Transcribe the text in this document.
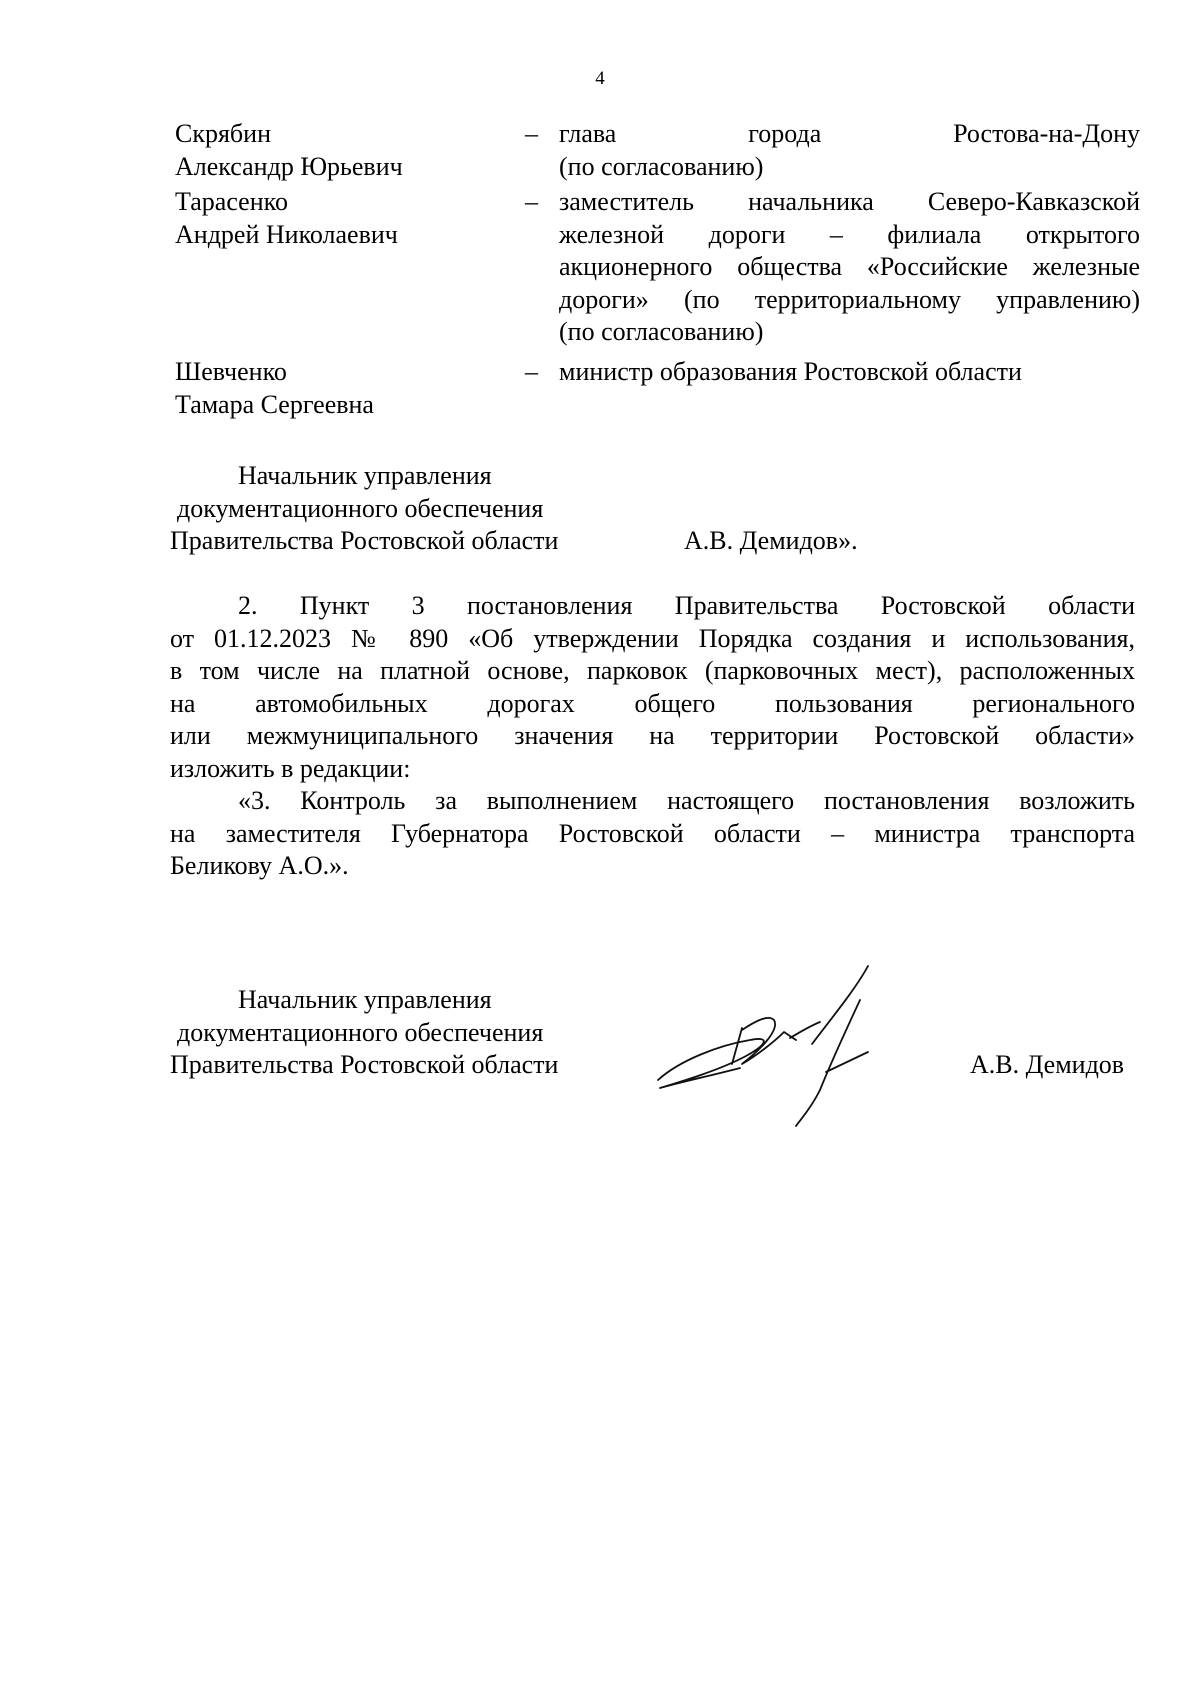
4
Скрябин
Александр Юрьевич
– глава города Ростова-на-Дону
(по согласованию)
Тарасенко
Андрей Николаевич
– заместитель начальника Северо-Кавказской
железной дороги – филиала открытого
акционерного общества «Российские железные
дороги» (по территориальному управлению)
(по согласованию)
Шевченко
Тамара Сергеевна
– министр образования Ростовской области
Начальник управления
документационного обеспечения
Правительства Ростовской области	А.В. Демидов».
2. Пункт 3 постановления Правительства Ростовской области
от 01.12.2023 № 890 «Об утверждении Порядка создания и использования,
в том числе на платной основе, парковок (парковочных мест), расположенных
на автомобильных дорогах общего пользования регионального
или межмуниципального значения на территории Ростовской области»
изложить в редакции:
«3. Контроль за выполнением настоящего постановления возложить
на заместителя Губернатора Ростовской области – министра транспорта
Беликову А.О.».
Начальник управления
документационного обеспечения
Правительства Ростовской области	А.В. Демидов
